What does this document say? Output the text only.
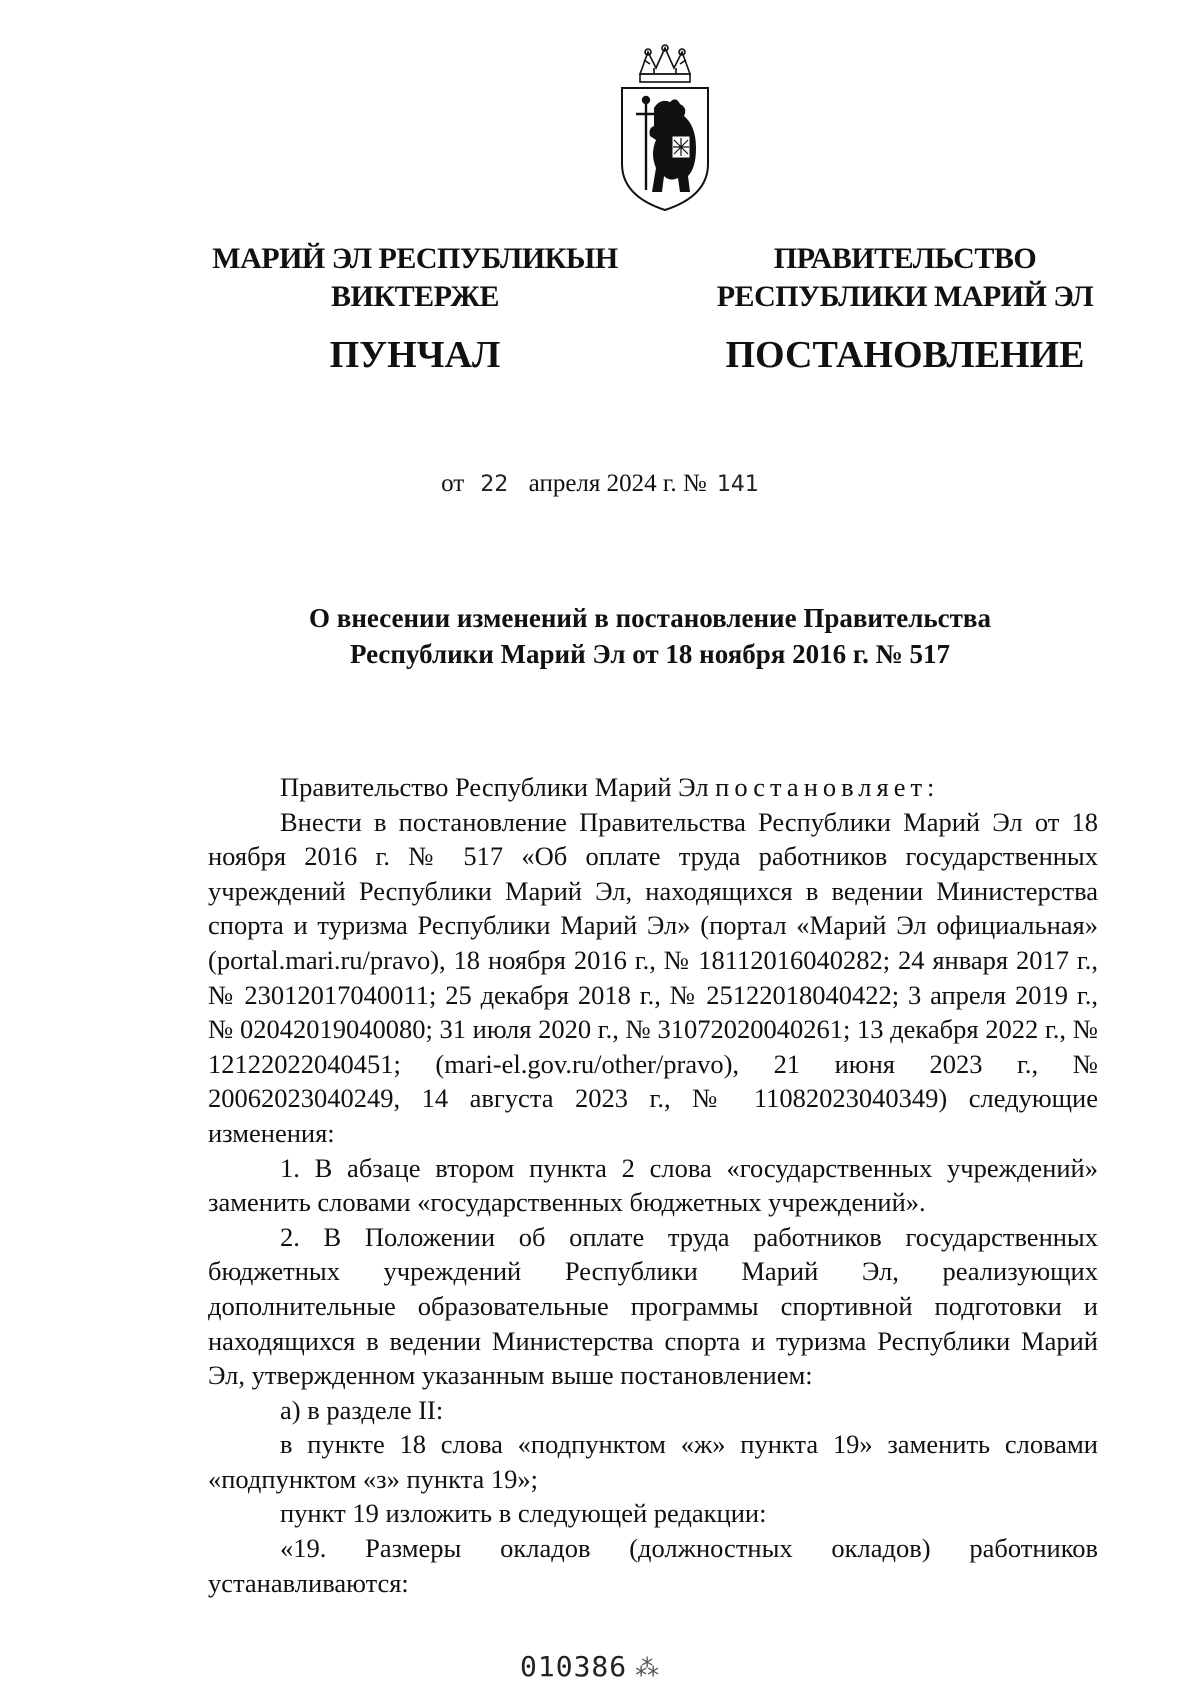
МАРИЙ ЭЛ РЕСПУБЛИКЫН
ВИКТЕРЖЕ
ПУНЧАЛ
ПРАВИТЕЛЬСТВО
РЕСПУБЛИКИ МАРИЙ ЭЛ
ПОСТАНОВЛЕНИЕ
от 22 апреля 2024 г. № 141
О внесении изменений в постановление Правительства
Республики Марий Эл от 18 ноября 2016 г. № 517

Правительство Республики Марий Эл постановляет:

Внести в постановление Правительства Республики Марий Эл от 18 ноября 2016 г. № 517 «Об оплате труда работников государственных учреждений Республики Марий Эл, находящихся в ведении Министерства спорта и туризма Республики Марий Эл» (портал «Марий Эл официальная» (portal.mari.ru/pravo), 18 ноября 2016 г., № 18112016040282; 24 января 2017 г., № 23012017040011; 25 декабря 2018 г., № 25122018040422; 3 апреля 2019 г., № 02042019040080; 31 июля 2020 г., № 31072020040261; 13 декабря 2022 г., № 12122022040451; (mari-el.gov.ru/other/pravo), 21 июня 2023 г., № 20062023040249, 14 августа 2023 г., № 11082023040349) следующие изменения:

1. В абзаце втором пункта 2 слова «государственных учреждений» заменить словами «государственных бюджетных учреждений».

2. В Положении об оплате труда работников государственных бюджетных учреждений Республики Марий Эл, реализующих дополнительные образовательные программы спортивной подготовки и находящихся в ведении Министерства спорта и туризма Республики Марий Эл, утвержденном указанным выше постановлением:

а) в разделе II:

в пункте 18 слова «подпунктом «ж» пункта 19» заменить словами «подпунктом «з» пункта 19»;

пункт 19 изложить в следующей редакции:

«19. Размеры окладов (должностных окладов) работников устанавливаются:

010386 ⁂
